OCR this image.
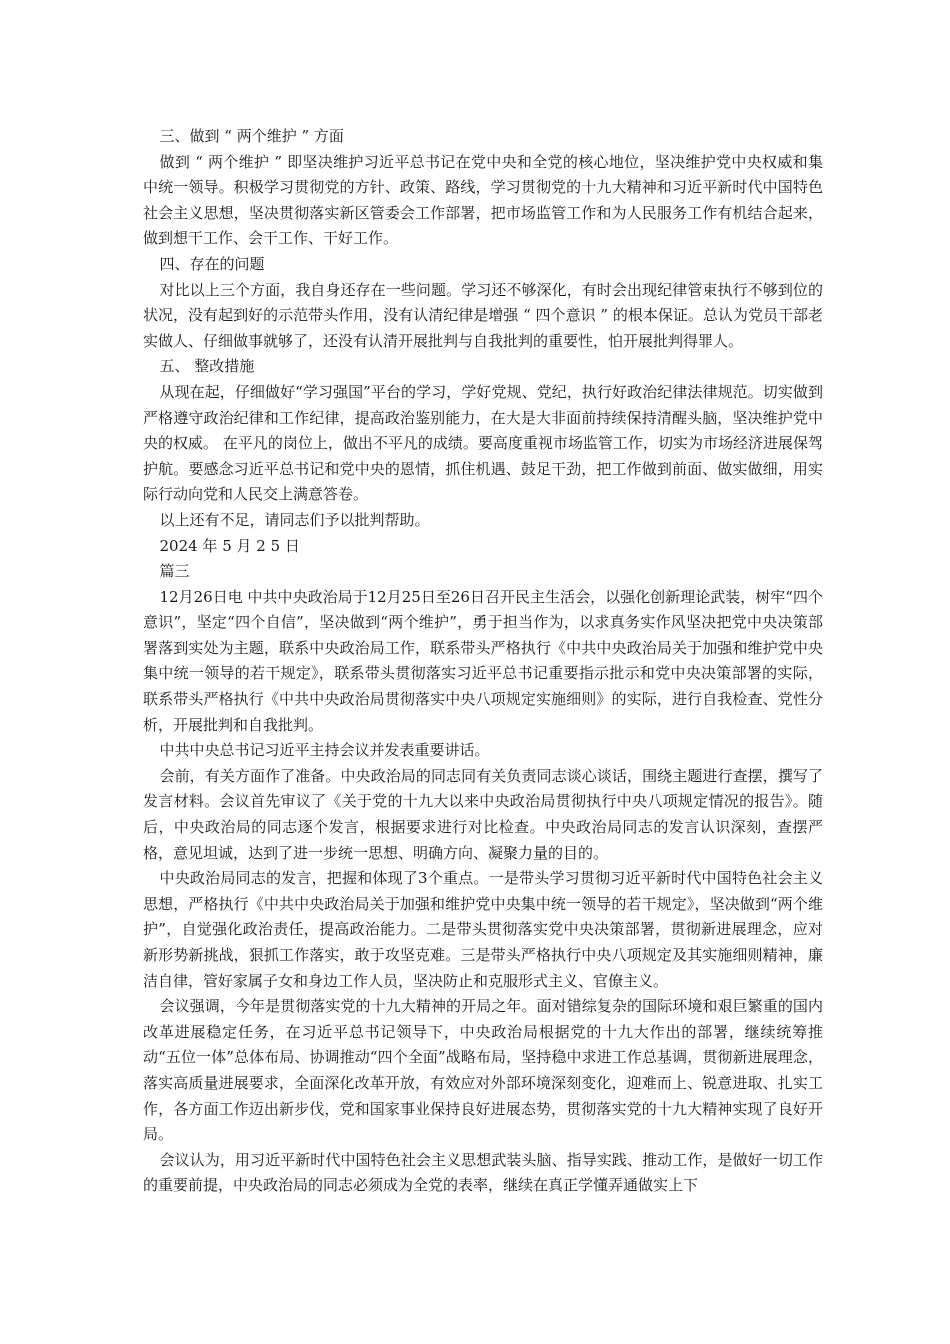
三、做到 “ 两个维护 ” 方面

做到 “ 两个维护 ” 即坚决维护习近平总书记在党中央和全党的核心地位，坚决维护党中央权威和集中统一领导。积极学习贯彻党的方针、政策、路线，学习贯彻党的十九大精神和习近平新时代中国特色社会主义思想，坚决贯彻落实新区管委会工作部署，把市场监管工作和为人民服务工作有机结合起来，做到想干工作、会干工作、干好工作。

四、存在的问题

对比以上三个方面，我自身还存在一些问题。学习还不够深化，有时会出现纪律管束执行不够到位的状况，没有起到好的示范带头作用，没有认清纪律是增强 “ 四个意识 ” 的根本保证。总认为党员干部老实做人、仔细做事就够了，还没有认清开展批判与自我批判的重要性，怕开展批判得罪人。

五、 整改措施

从现在起，仔细做好“学习强国”平台的学习，学好党规、党纪，执行好政治纪律法律规范。切实做到严格遵守政治纪律和工作纪律，提高政治鉴别能力，在大是大非面前持续保持清醒头脑，坚决维护党中央的权威。 在平凡的岗位上，做出不平凡的成绩。要高度重视市场监管工作，切实为市场经济进展保驾护航。要感念习近平总书记和党中央的恩情，抓住机遇、鼓足干劲，把工作做到前面、做实做细，用实际行动向党和人民交上满意答卷。

以上还有不足，请同志们予以批判帮助。

2024 年 5 月 2 5 日

篇三

12月26日电 中共中央政治局于12月25日至26日召开民主生活会，以强化创新理论武装，树牢“四个意识”，坚定“四个自信”，坚决做到“两个维护”，勇于担当作为，以求真务实作风坚决把党中央决策部署落到实处为主题，联系中央政治局工作，联系带头严格执行《中共中央政治局关于加强和维护党中央集中统一领导的若干规定》，联系带头贯彻落实习近平总书记重要指示批示和党中央决策部署的实际，联系带头严格执行《中共中央政治局贯彻落实中央八项规定实施细则》的实际，进行自我检查、党性分析，开展批判和自我批判。

中共中央总书记习近平主持会议并发表重要讲话。

会前，有关方面作了准备。中央政治局的同志同有关负责同志谈心谈话，围绕主题进行查摆，撰写了发言材料。会议首先审议了《关于党的十九大以来中央政治局贯彻执行中央八项规定情况的报告》。随后，中央政治局的同志逐个发言，根据要求进行对比检查。中央政治局同志的发言认识深刻，查摆严格，意见坦诚，达到了进一步统一思想、明确方向、凝聚力量的目的。

中央政治局同志的发言，把握和体现了3个重点。一是带头学习贯彻习近平新时代中国特色社会主义思想，严格执行《中共中央政治局关于加强和维护党中央集中统一领导的若干规定》，坚决做到“两个维护”，自觉强化政治责任，提高政治能力。二是带头贯彻落实党中央决策部署，贯彻新进展理念，应对新形势新挑战，狠抓工作落实，敢于攻坚克难。三是带头严格执行中央八项规定及其实施细则精神，廉洁自律，管好家属子女和身边工作人员，坚决防止和克服形式主义、官僚主义。

会议强调，今年是贯彻落实党的十九大精神的开局之年。面对错综复杂的国际环境和艰巨繁重的国内改革进展稳定任务，在习近平总书记领导下，中央政治局根据党的十九大作出的部署，继续统筹推动“五位一体”总体布局、协调推动“四个全面”战略布局，坚持稳中求进工作总基调，贯彻新进展理念，落实高质量进展要求，全面深化改革开放，有效应对外部环境深刻变化，迎难而上、锐意进取、扎实工作，各方面工作迈出新步伐，党和国家事业保持良好进展态势，贯彻落实党的十九大精神实现了良好开局。

会议认为，用习近平新时代中国特色社会主义思想武装头脑、指导实践、推动工作，是做好一切工作的重要前提，中央政治局的同志必须成为全党的表率，继续在真正学懂弄通做实上下
